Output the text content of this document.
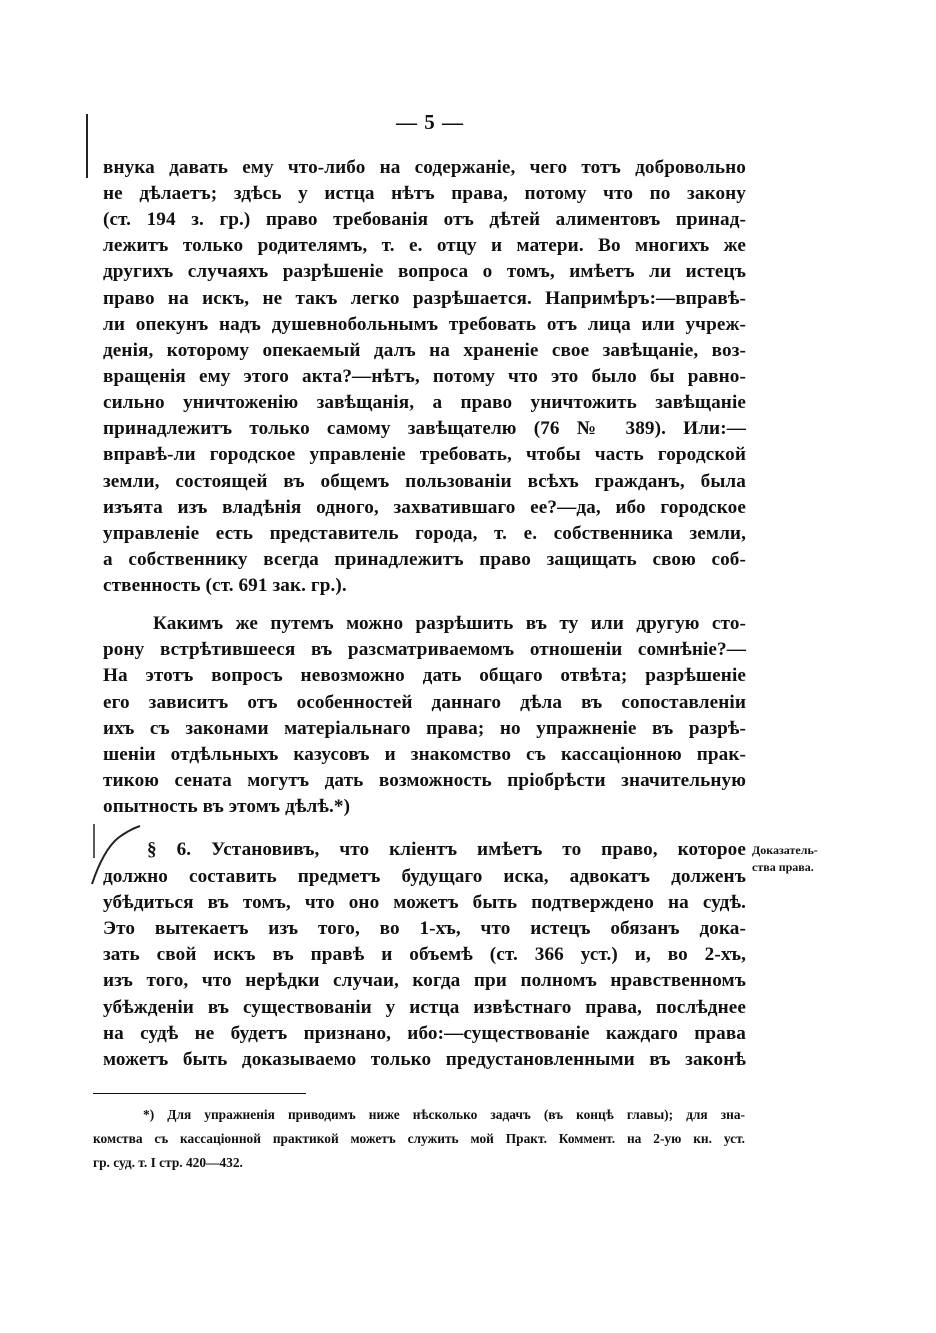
— 5 —
внука давать ему что-либо на содержаніе, чего тотъ добровольно
не дѣлаетъ; здѣсь у истца нѣтъ права, потому что по закону
(ст. 194 з. гр.) право требованія отъ дѣтей алиментовъ принад-
лежитъ только родителямъ, т. е. отцу и матери. Во многихъ же
другихъ случаяхъ разрѣшеніе вопроса о томъ, имѣетъ ли истецъ
право на искъ, не такъ легко разрѣшается. Напримѣръ:—вправѣ-
ли опекунъ надъ душевнобольнымъ требовать отъ лица или учреж-
денія, которому опекаемый далъ на храненіе свое завѣщаніе, воз-
вращенія ему этого акта?—нѣтъ, потому что это было бы равно-
сильно уничтоженію завѣщанія, а право уничтожить завѣщаніе
принадлежитъ только самому завѣщателю (76 № 389). Или:—
вправѣ-ли городское управленіе требовать, чтобы часть городской
земли, состоящей въ общемъ пользованіи всѣхъ гражданъ, была
изъята изъ владѣнія одного, захватившаго ее?—да, ибо городское
управленіе есть представитель города, т. е. собственника земли,
а собственнику всегда принадлежитъ право защищать свою соб-
ственность (ст. 691 зак. гр.).
Какимъ же путемъ можно разрѣшить въ ту или другую сто-
рону встрѣтившееся въ разсматриваемомъ отношеніи сомнѣніе?—
На этотъ вопросъ невозможно дать общаго отвѣта; разрѣшеніе
его зависитъ отъ особенностей даннаго дѣла въ сопоставленіи
ихъ съ законами матеріальнаго права; но упражненіе въ разрѣ-
шеніи отдѣльныхъ казусовъ и знакомство съ кассаціонною прак-
тикою сената могутъ дать возможность пріобрѣсти значительную
опытность въ этомъ дѣлѣ.*)
§ 6. Установивъ, что кліентъ имѣетъ то право, которое
должно составить предметъ будущаго иска, адвокатъ долженъ
убѣдиться въ томъ, что оно можетъ быть подтверждено на судѣ.
Это вытекаетъ изъ того, во 1-хъ, что истецъ обязанъ дока-
зать свой искъ въ правѣ и объемѣ (ст. 366 уст.) и, во 2-хъ,
изъ того, что нерѣдки случаи, когда при полномъ нравственномъ
убѣжденіи въ существованіи у истца извѣстнаго права, послѣднее
на судѣ не будетъ признано, ибо:—существованіе каждаго права
можетъ быть доказываемо только предустановленными въ законѣ
Доказатель-
ства права.
*) Для упражненія приводимъ ниже нѣсколько задачъ (въ концѣ главы); для зна-
комства съ кассаціонной практикой можетъ служить мой Практ. Коммент. на 2-ую кн. уст.
гр. суд. т. I стр. 420—432.
